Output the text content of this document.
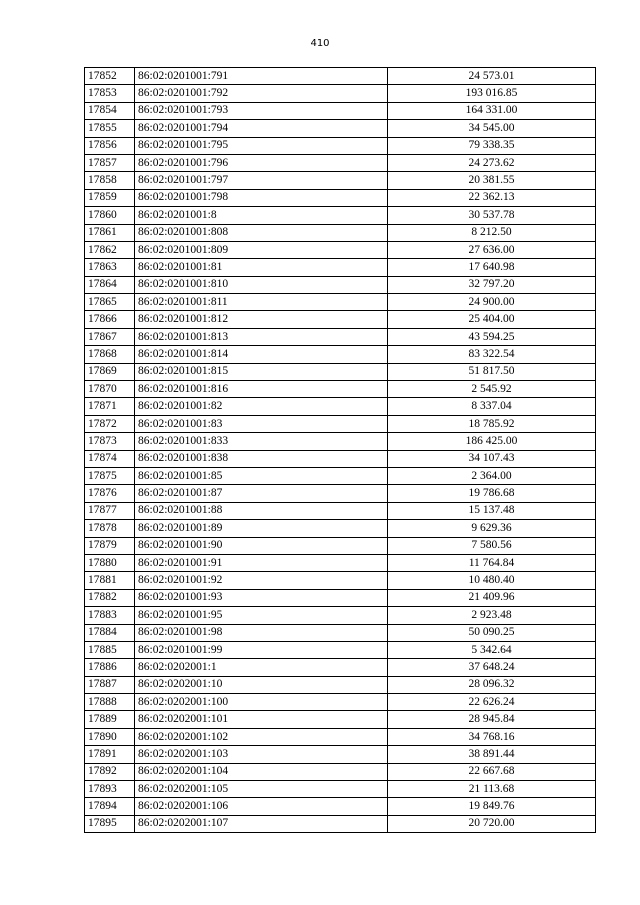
410
17852	86:02:0201001:791	24 573.01
17853	86:02:0201001:792	193 016.85
17854	86:02:0201001:793	164 331.00
17855	86:02:0201001:794	34 545.00
17856	86:02:0201001:795	79 338.35
17857	86:02:0201001:796	24 273.62
17858	86:02:0201001:797	20 381.55
17859	86:02:0201001:798	22 362.13
17860	86:02:0201001:8	30 537.78
17861	86:02:0201001:808	8 212.50
17862	86:02:0201001:809	27 636.00
17863	86:02:0201001:81	17 640.98
17864	86:02:0201001:810	32 797.20
17865	86:02:0201001:811	24 900.00
17866	86:02:0201001:812	25 404.00
17867	86:02:0201001:813	43 594.25
17868	86:02:0201001:814	83 322.54
17869	86:02:0201001:815	51 817.50
17870	86:02:0201001:816	2 545.92
17871	86:02:0201001:82	8 337.04
17872	86:02:0201001:83	18 785.92
17873	86:02:0201001:833	186 425.00
17874	86:02:0201001:838	34 107.43
17875	86:02:0201001:85	2 364.00
17876	86:02:0201001:87	19 786.68
17877	86:02:0201001:88	15 137.48
17878	86:02:0201001:89	9 629.36
17879	86:02:0201001:90	7 580.56
17880	86:02:0201001:91	11 764.84
17881	86:02:0201001:92	10 480.40
17882	86:02:0201001:93	21 409.96
17883	86:02:0201001:95	2 923.48
17884	86:02:0201001:98	50 090.25
17885	86:02:0201001:99	5 342.64
17886	86:02:0202001:1	37 648.24
17887	86:02:0202001:10	28 096.32
17888	86:02:0202001:100	22 626.24
17889	86:02:0202001:101	28 945.84
17890	86:02:0202001:102	34 768.16
17891	86:02:0202001:103	38 891.44
17892	86:02:0202001:104	22 667.68
17893	86:02:0202001:105	21 113.68
17894	86:02:0202001:106	19 849.76
17895	86:02:0202001:107	20 720.00
